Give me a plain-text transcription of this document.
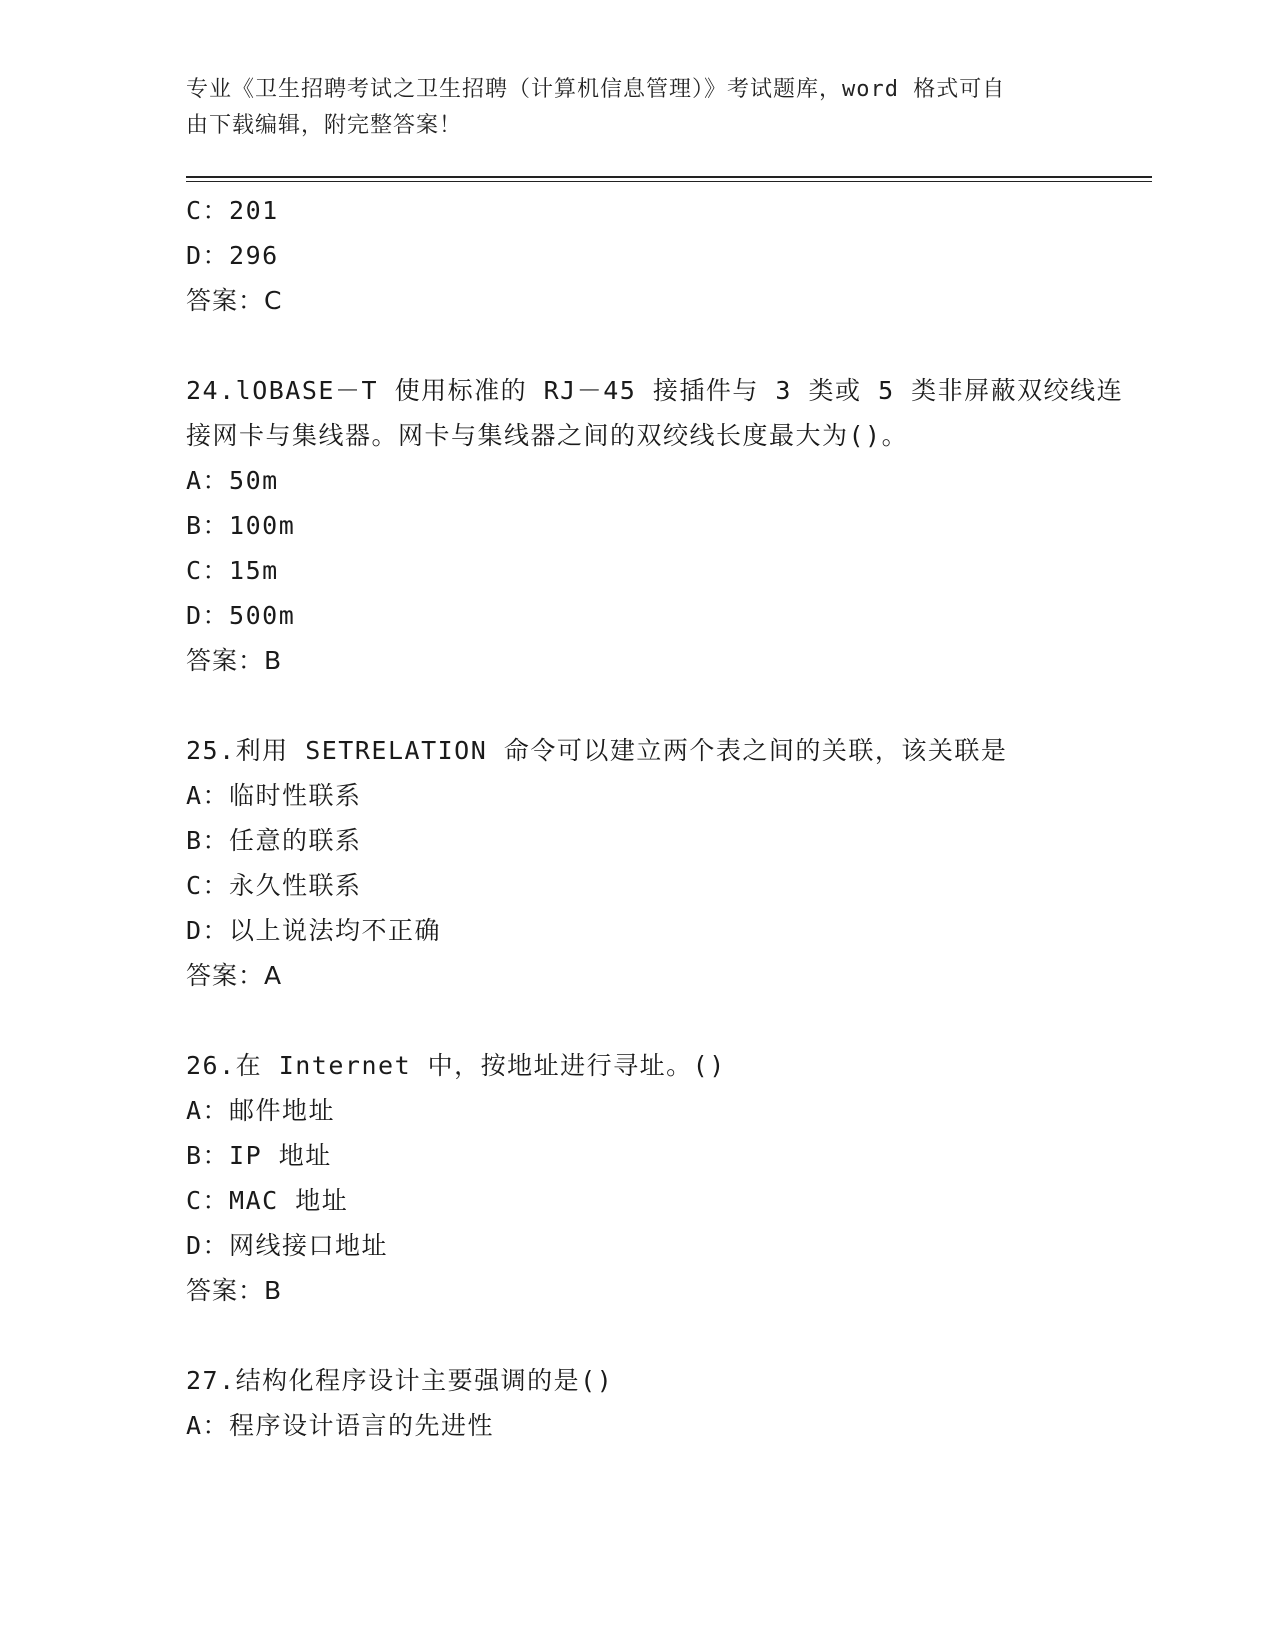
专业《卫生招聘考试之卫生招聘（计算机信息管理）》考试题库，word 格式可自
由下载编辑，附完整答案！
C：201
D：296
答案：C
24.lOBASE－T 使用标准的 RJ－45 接插件与 3 类或 5 类非屏蔽双绞线连
接网卡与集线器。网卡与集线器之间的双绞线长度最大为()。
A：50m
B：100m
C：15m
D：500m
答案：B
25.利用 SETRELATION 命令可以建立两个表之间的关联，该关联是
A：临时性联系
B：任意的联系
C：永久性联系
D：以上说法均不正确
答案：A
26.在 Internet 中，按地址进行寻址。()
A：邮件地址
B：IP 地址
C：MAC 地址
D：网线接口地址
答案：B
27.结构化程序设计主要强调的是()
A：程序设计语言的先进性
